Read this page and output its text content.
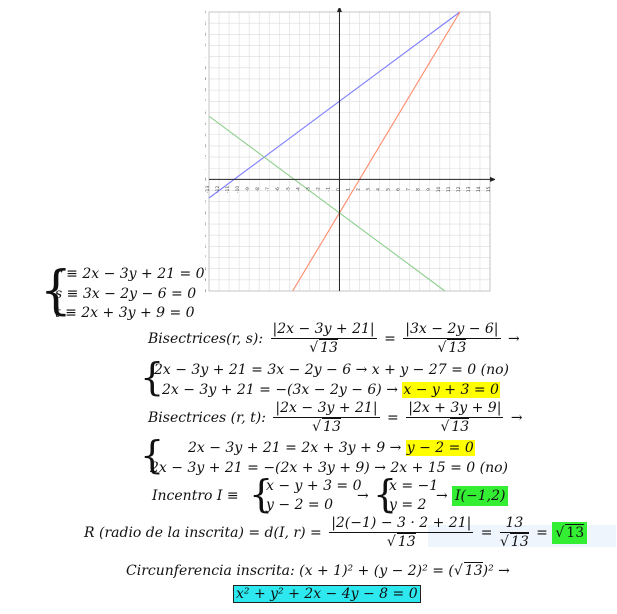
-13 -12 -11 -10 -9 -8 -7 -6 -5 -4 -3 -2 -1 0 1 2 3 4 5 6 7 8 9 10 11 12 13 14 15
{
r ≡ 2x − 3y + 21 = 0
s ≡ 3x − 2y − 6 = 0
t ≡ 2x + 3y + 9 = 0
Bisectrices(r, s): $\frac{|2x - 3y + 21|}{√ 13} = \frac{|3x - 2y - 6|}{√ 13}$ →
{
2x − 3y + 21 = 3x − 2y − 6 → x + y − 27 = 0 (no)
2x − 3y + 21 = −(3x − 2y − 6) → x − y + 3 = 0
Bisectrices (r, t): $\frac{|2x - 3y + 21|}{√ 13} = \frac{|2x + 3y + 9|}{√ 13}$ →
{ 2x − 3y + 21 = 2x + 3y + 9 → y − 2 = 0
2x − 3y + 21 = −(2x + 3y + 9) → 2x + 15 = 0 (no)
Incentro I ≡ {
x − y + 3 = 0
y − 2 = 0
→ {
x = −1
y = 2
→ I(−1,2)
R (radio de la inscrita) = d(I, $r) = \frac{|2(-1) - 3 \cdot 2 + 21|}{√ 13} = \frac{13}{√ 13}$ = √ 13
Circunferencia inscrita: (x + 1)² + (y − 2)² = (√ 13)² →
x² + y² + 2x − 4y − 8 = 0
